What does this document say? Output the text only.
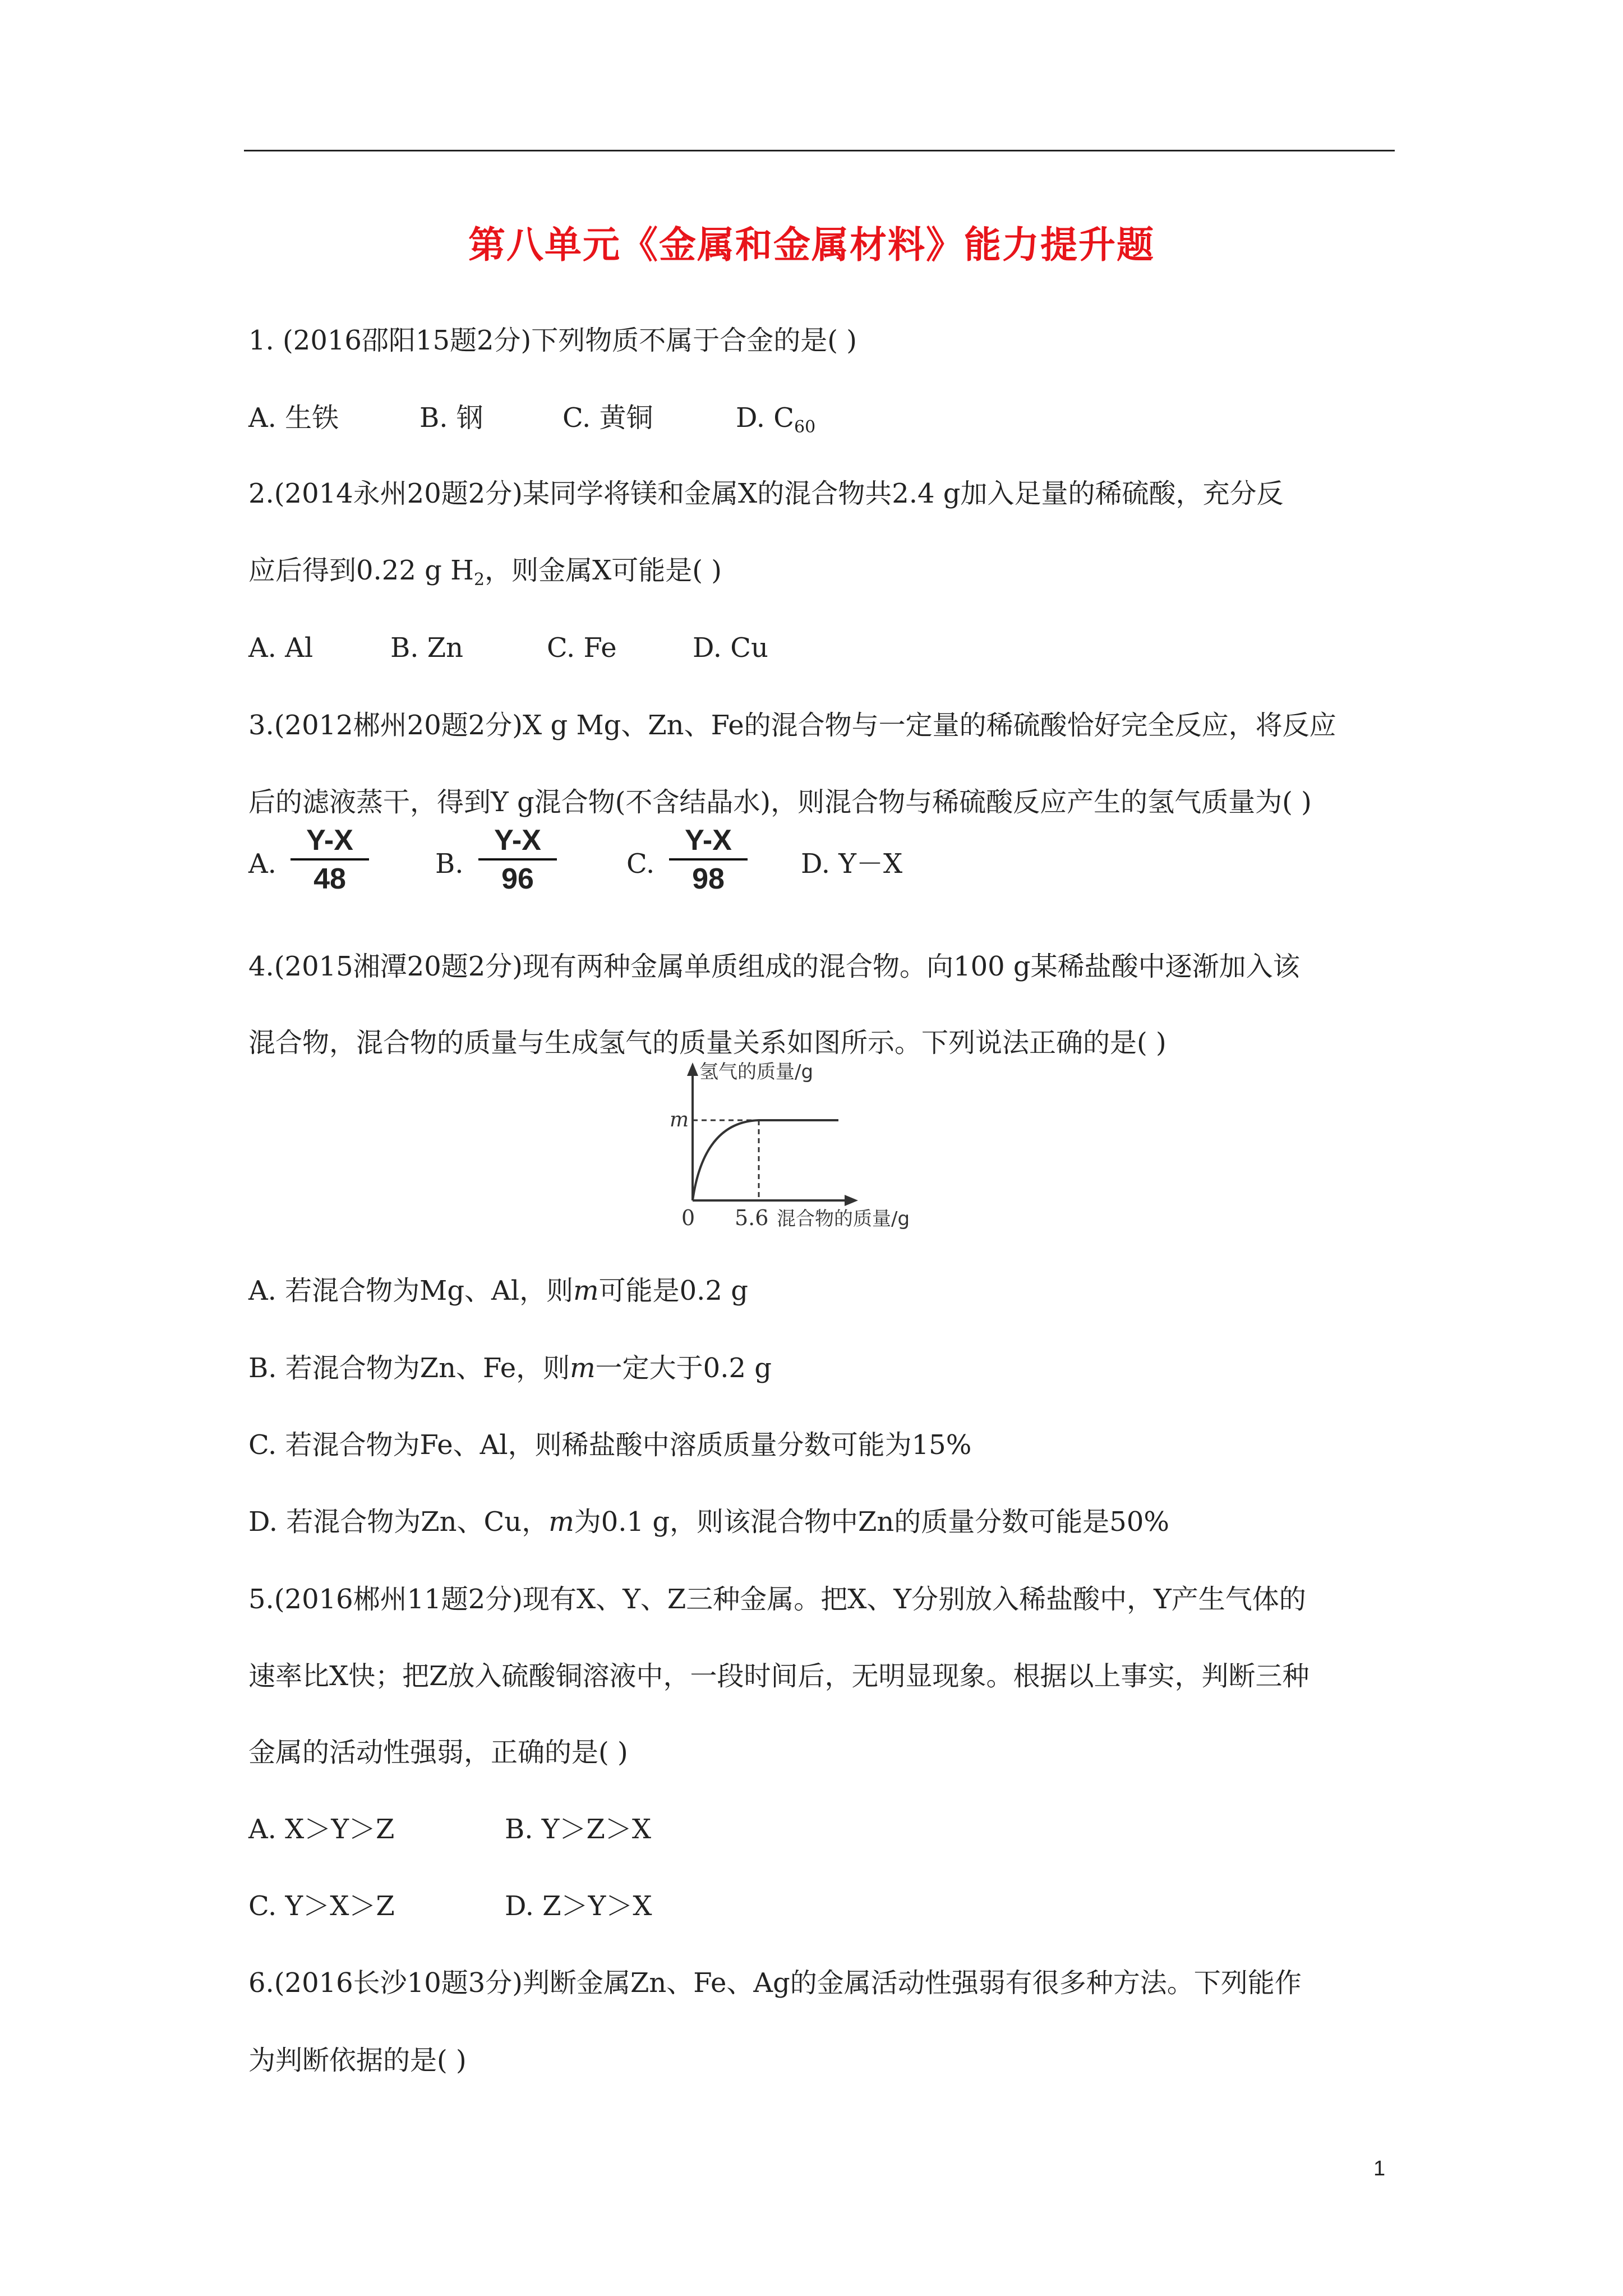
第八单元《金属和金属材料》能力提升题
1. (2016邵阳15题2分)下列物质不属于合金的是( )
A. 生铁	B. 钢	C. 黄铜	D. $C_{60}$
2.(2014永州20题2分)某同学将镁和金属X的混合物共2.4 g加入足量的稀硫酸，充分反
应后得到0.22 g $H_2$，则金属X可能是( )
A. Al	B. Zn	C. Fe	D. Cu
3.(2012郴州20题2分)X g Mg、Zn、Fe的混合物与一定量的稀硫酸恰好完全反应，将反应
后的滤液蒸干，得到Y g混合物(不含结晶水)，则混合物与稀硫酸反应产生的氢气质量为( )
A. $\frac{Y-X}{48} B$. $\frac{Y-X}{96}$	C. $\frac{Y-X}{98} D$. Y－X
4.(2015湘潭20题2分)现有两种金属单质组成的混合物。向100 g某稀盐酸中逐渐加入该
混合物，混合物的质量与生成氢气的质量关系如图所示。下列说法正确的是( )
氢气的质量/g
m
0 5.6 混合物的质量/g
A. 若混合物为Mg、Al，则m可能是0.2 g
B. 若混合物为Zn、Fe，则m一定大于0.2 g
C. 若混合物为Fe、Al，则稀盐酸中溶质质量分数可能为15%
D. 若混合物为Zn、Cu，m为0.1 g，则该混合物中Zn的质量分数可能是50%
5.(2016郴州11题2分)现有X、Y、Z三种金属。把X、Y分别放入稀盐酸中，Y产生气体的
速率比X快；把Z放入硫酸铜溶液中，一段时间后，无明显现象。根据以上事实，判断三种
金属的活动性强弱，正确的是( )
A. X＞Y＞Z	B. Y＞Z＞X
C. Y＞X＞Z	D. Z＞Y＞X
6.(2016长沙10题3分)判断金属Zn、Fe、Ag的金属活动性强弱有很多种方法。下列能作
为判断依据的是( )
1
